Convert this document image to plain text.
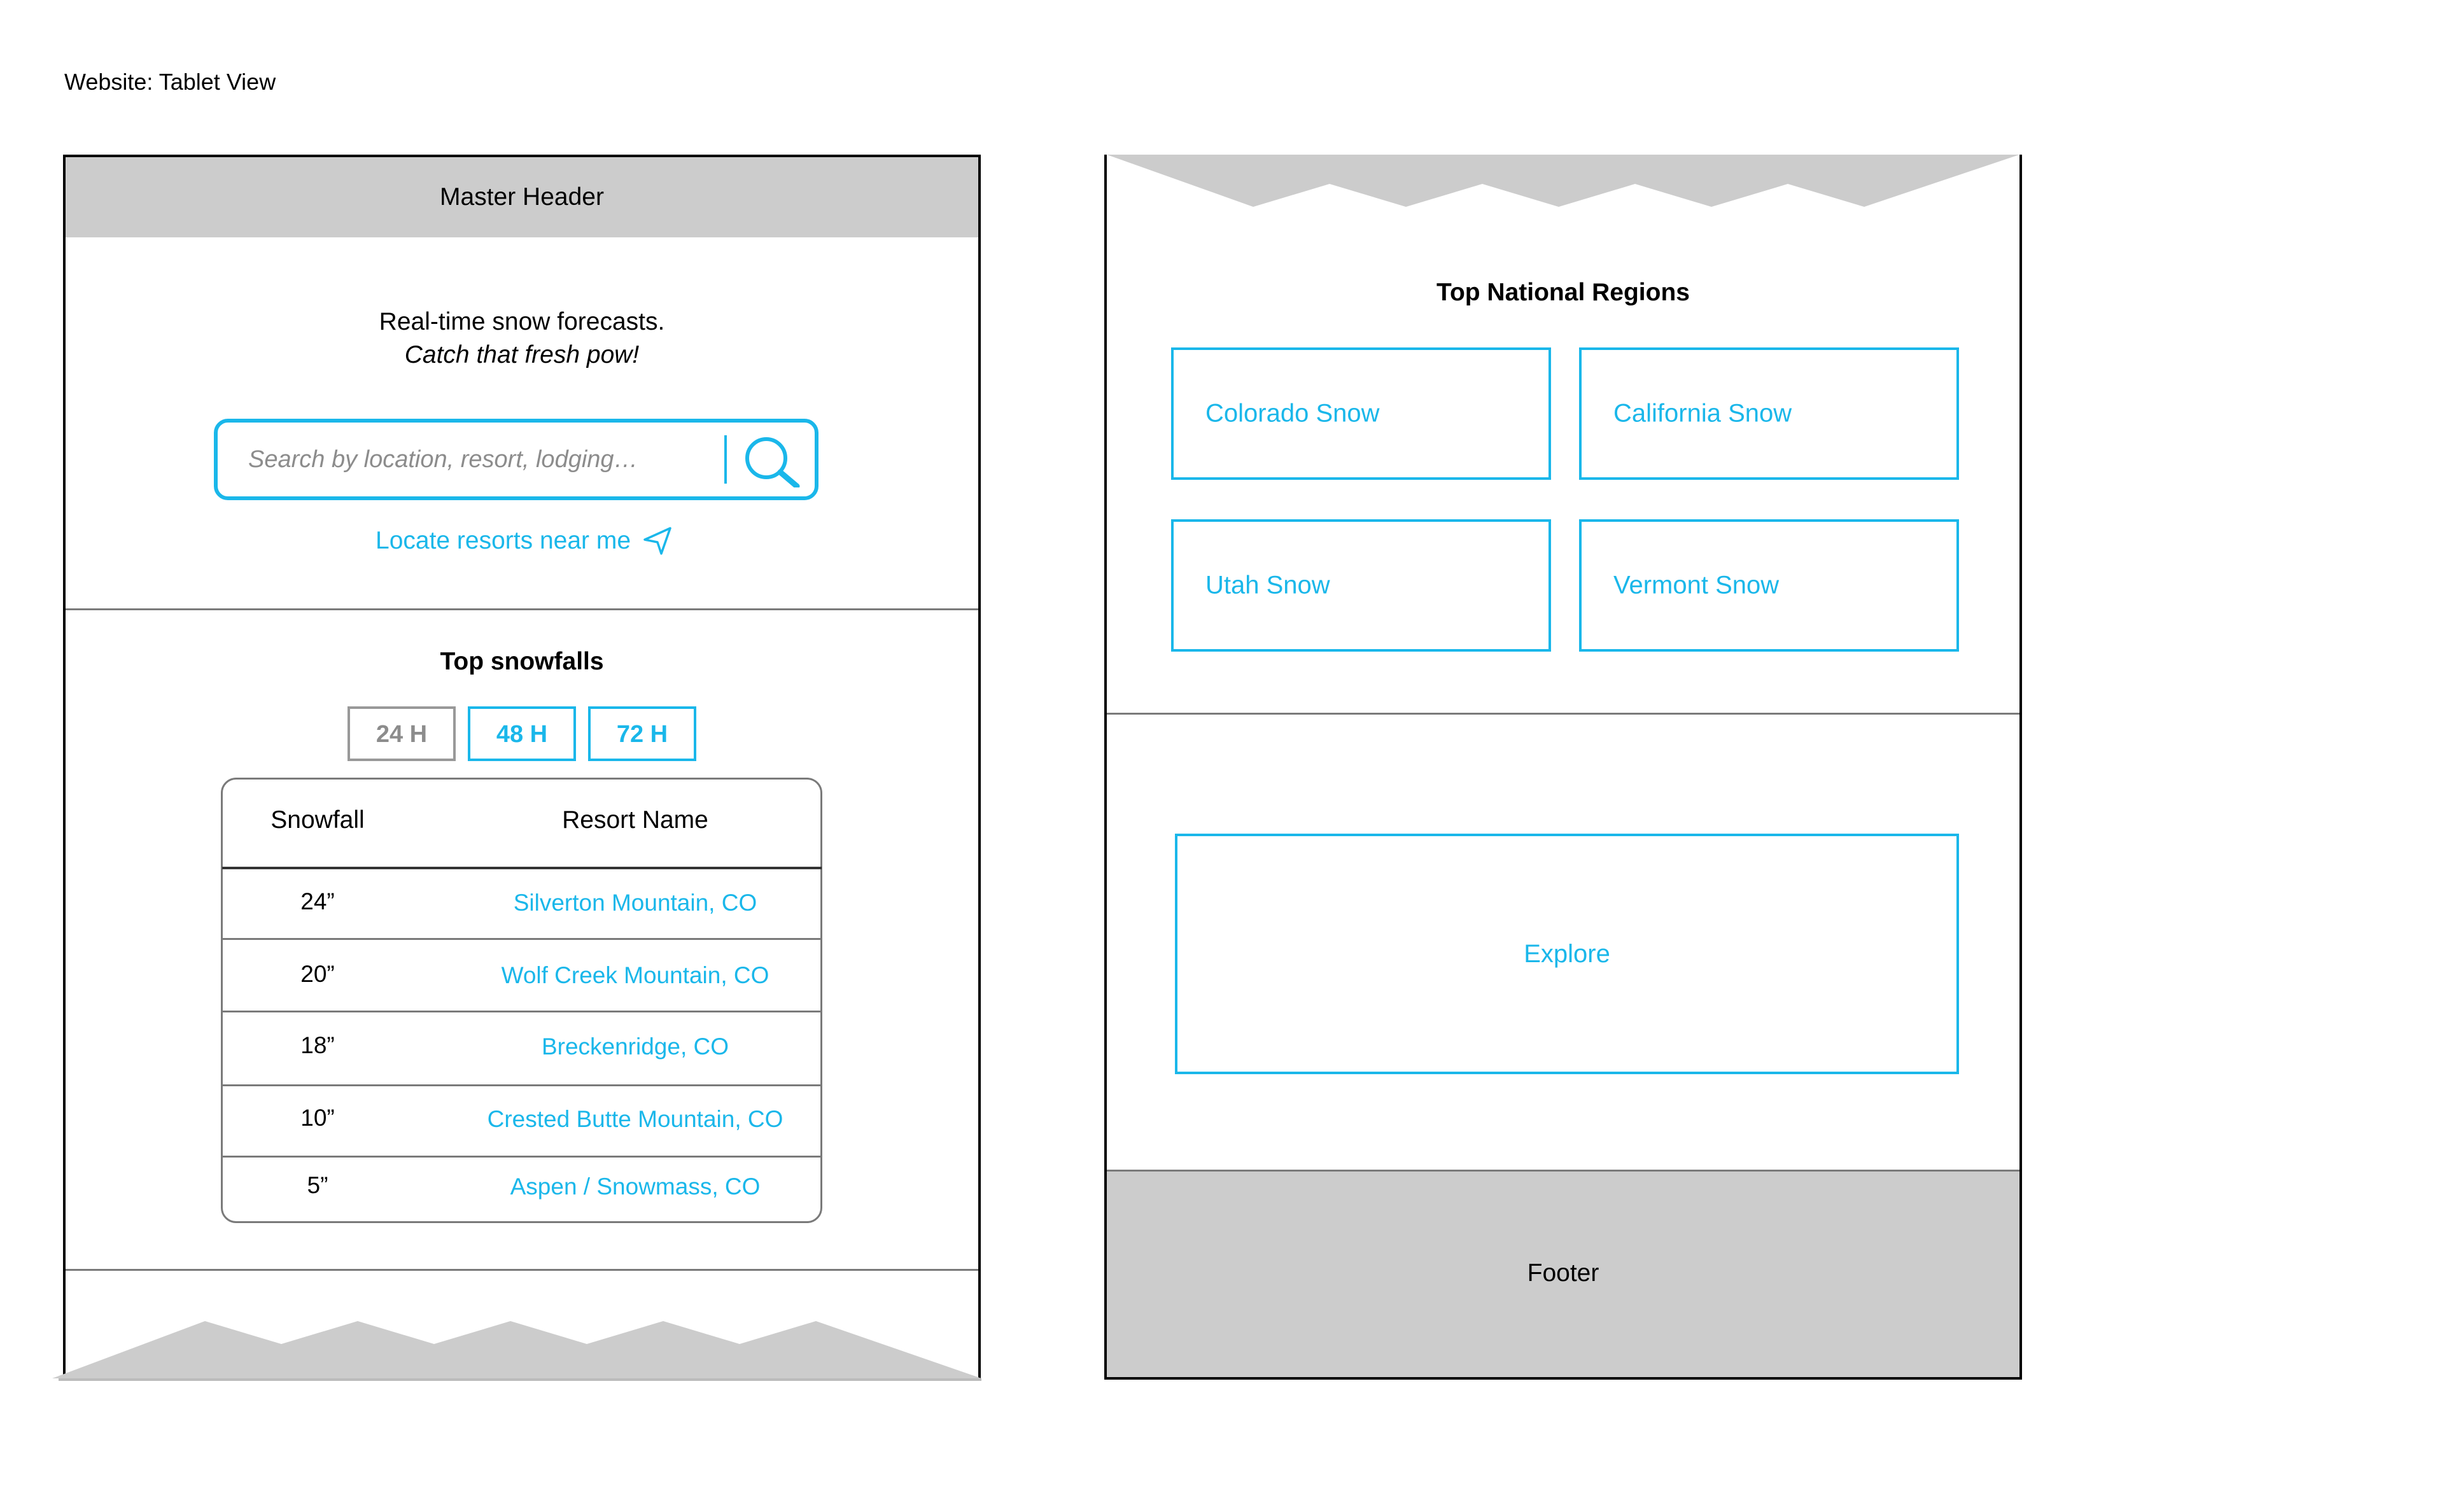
Website: Tablet View
Master Header
Real-time snow forecasts.
Catch that fresh pow!
Search by location, resort, lodging…
Locate resorts near me
Top snowfalls
24 H	48 H	72 H
Snowfall	Resort Name
24”	Silverton Mountain, CO
20”	Wolf Creek Mountain, CO
18”	Breckenridge, CO
10”	Crested Butte Mountain, CO
5”	Aspen / Snowmass, CO
Top National Regions
Colorado Snow	California Snow
Utah Snow	Vermont Snow
Explore
Footer
